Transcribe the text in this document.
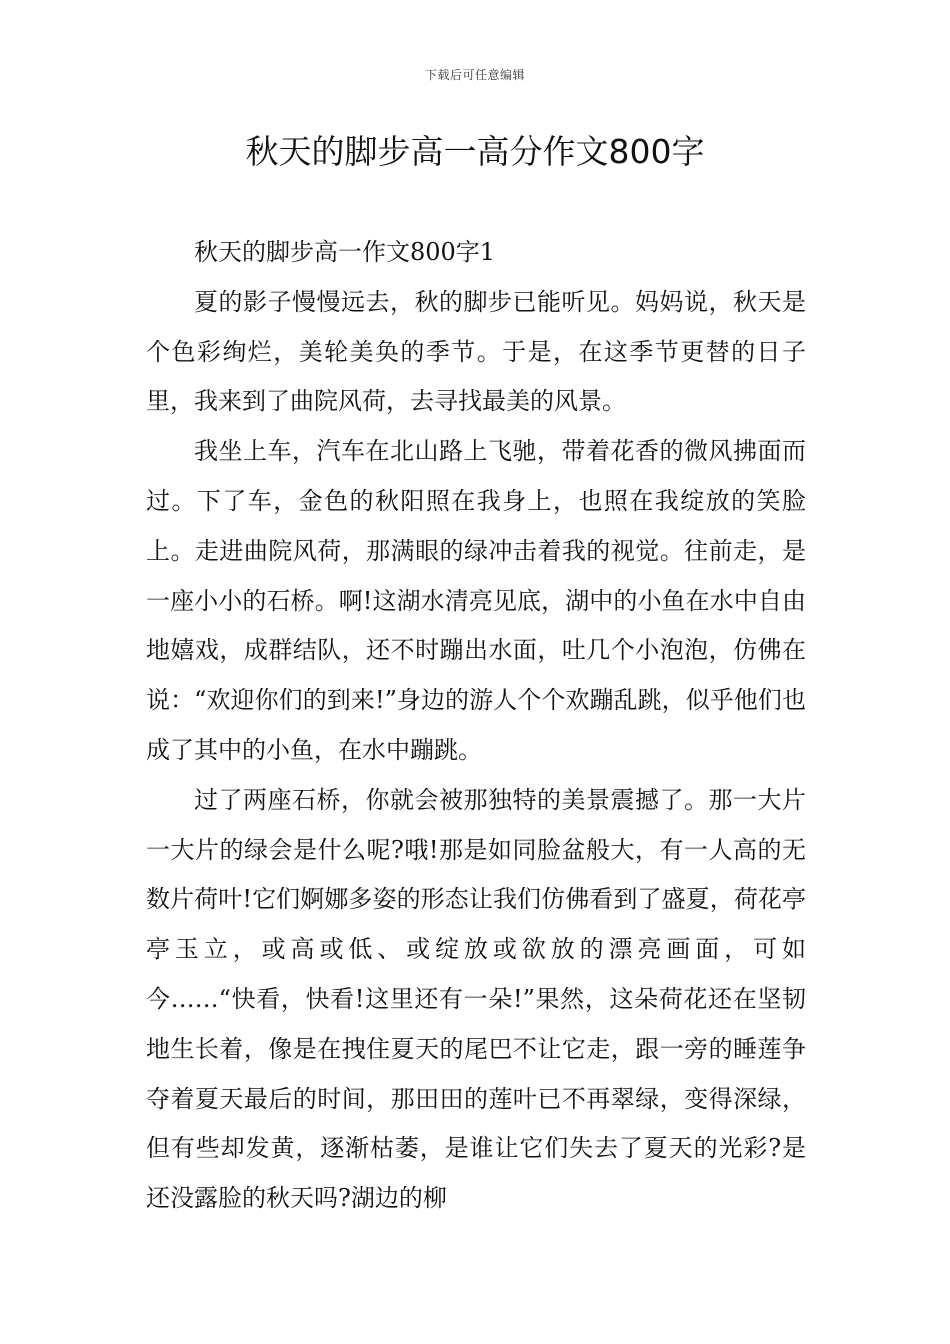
下载后可任意编辑
秋天的脚步高一高分作文800字

秋天的脚步高一作文800字1

夏的影子慢慢远去，秋的脚步已能听见。妈妈说，秋天是个色彩绚烂，美轮美奂的季节。于是，在这季节更替的日子里，我来到了曲院风荷，去寻找最美的风景。

我坐上车，汽车在北山路上飞驰，带着花香的微风拂面而过。下了车，金色的秋阳照在我身上，也照在我绽放的笑脸上。走进曲院风荷，那满眼的绿冲击着我的视觉。往前走，是一座小小的石桥。啊!这湖水清亮见底，湖中的小鱼在水中自由地嬉戏，成群结队，还不时蹦出水面，吐几个小泡泡，仿佛在说：“欢迎你们的到来!”身边的游人个个欢蹦乱跳，似乎他们也成了其中的小鱼，在水中蹦跳。

过了两座石桥，你就会被那独特的美景震撼了。那一大片一大片的绿会是什么呢?哦!那是如同脸盆般大，有一人高的无数片荷叶!它们婀娜多姿的形态让我们仿佛看到了盛夏，荷花亭亭玉立，或高或低、或绽放或欲放的漂亮画面，可如今……“快看，快看!这里还有一朵!”果然，这朵荷花还在坚韧地生长着，像是在拽住夏天的尾巴不让它走，跟一旁的睡莲争夺着夏天最后的时间，那田田的莲叶已不再翠绿，变得深绿，但有些却发黄，逐渐枯萎，是谁让它们失去了夏天的光彩?是还没露脸的秋天吗?湖边的柳
